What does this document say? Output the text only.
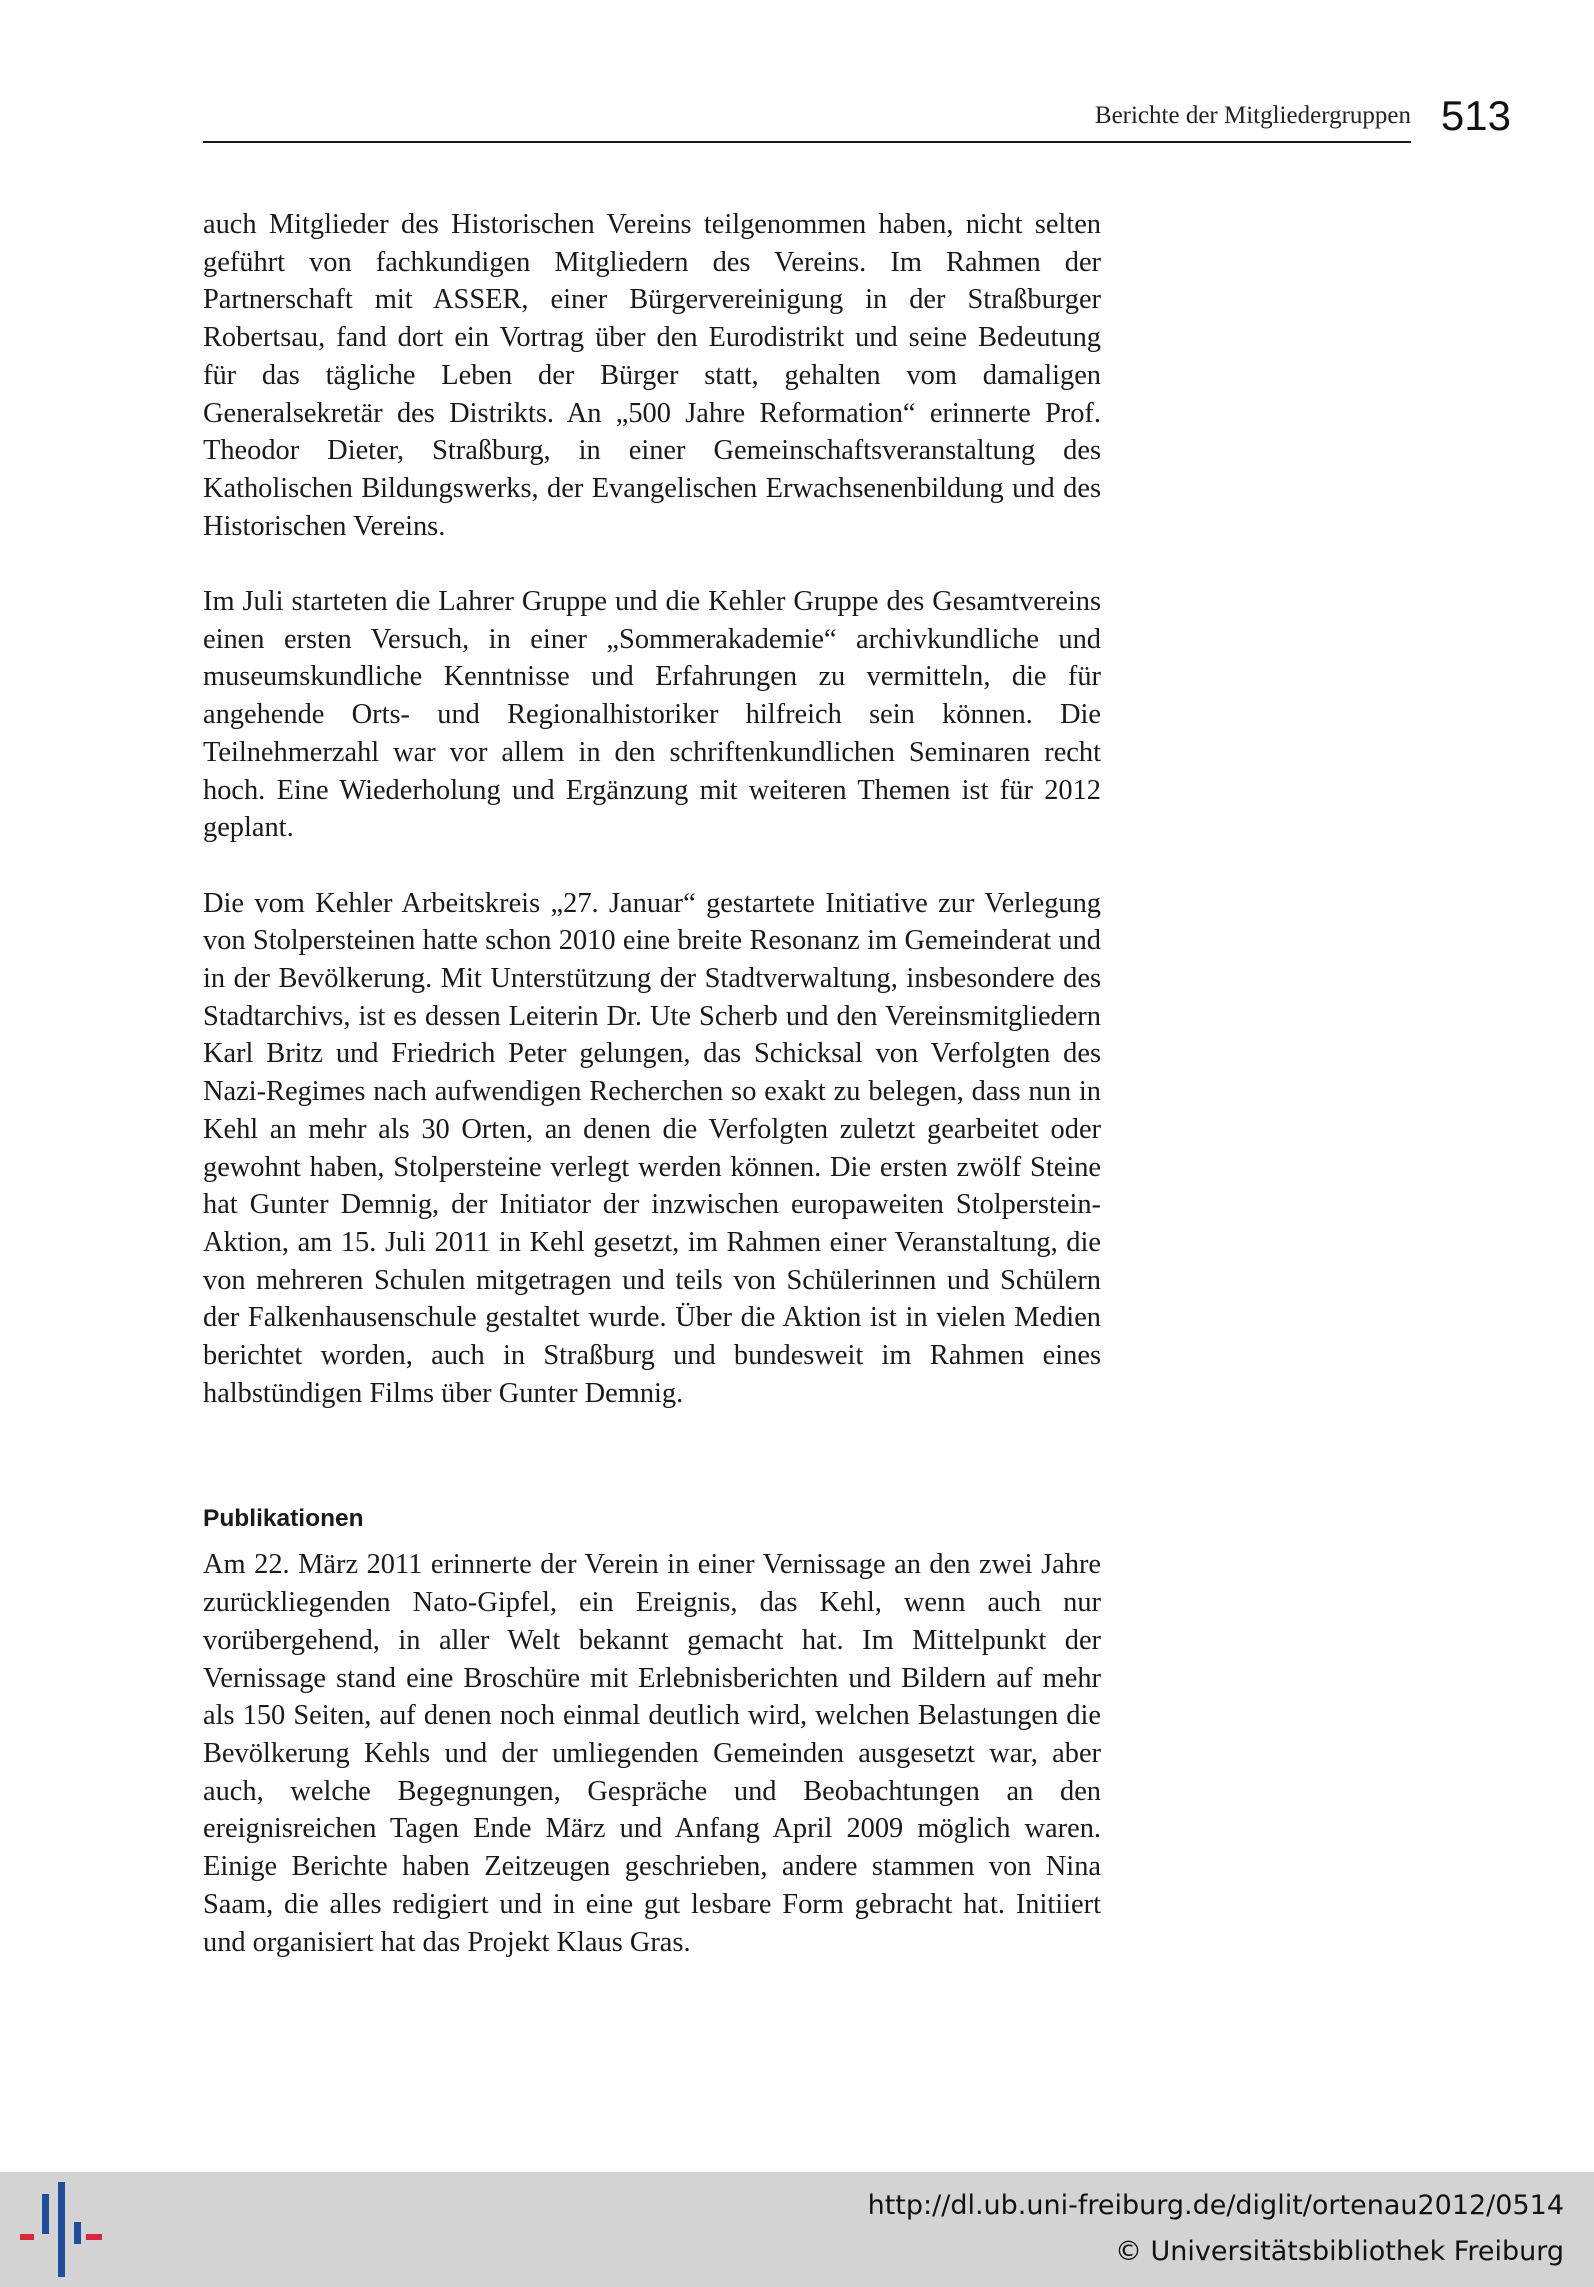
Berichte der Mitgliedergruppen 513

auch Mitglieder des Historischen Vereins teilgenommen haben, nicht selten geführt von fachkundigen Mitgliedern des Vereins. Im Rahmen der Partnerschaft mit ASSER, einer Bürgervereinigung in der Straßburger Robertsau, fand dort ein Vortrag über den Eurodistrikt und seine Bedeutung für das tägliche Leben der Bürger statt, gehalten vom damaligen Generalsekretär des Distrikts. An „500 Jahre Reformation“ erinnerte Prof. Theodor Dieter, Straßburg, in einer Gemeinschaftsveranstaltung des Katholischen Bildungswerks, der Evangelischen Erwachsenenbildung und des Historischen Vereins.

Im Juli starteten die Lahrer Gruppe und die Kehler Gruppe des Gesamtvereins einen ersten Versuch, in einer „Sommerakademie“ archivkundliche und museumskundliche Kenntnisse und Erfahrungen zu vermitteln, die für angehende Orts- und Regionalhistoriker hilfreich sein können. Die Teilnehmerzahl war vor allem in den schriftenkundlichen Seminaren recht hoch. Eine Wiederholung und Ergänzung mit weiteren Themen ist für 2012 geplant.

Die vom Kehler Arbeitskreis „27. Januar“ gestartete Initiative zur Verlegung von Stolpersteinen hatte schon 2010 eine breite Resonanz im Gemeinderat und in der Bevölkerung. Mit Unterstützung der Stadtverwaltung, insbesondere des Stadtarchivs, ist es dessen Leiterin Dr. Ute Scherb und den Vereinsmitgliedern Karl Britz und Friedrich Peter gelungen, das Schicksal von Verfolgten des Nazi-Regimes nach aufwendigen Recherchen so exakt zu belegen, dass nun in Kehl an mehr als 30 Orten, an denen die Verfolgten zuletzt gearbeitet oder gewohnt haben, Stolpersteine verlegt werden können. Die ersten zwölf Steine hat Gunter Demnig, der Initiator der inzwischen europaweiten Stolperstein-Aktion, am 15. Juli 2011 in Kehl gesetzt, im Rahmen einer Veranstaltung, die von mehreren Schulen mitgetragen und teils von Schülerinnen und Schülern der Falkenhausenschule gestaltet wurde. Über die Aktion ist in vielen Medien berichtet worden, auch in Straßburg und bundesweit im Rahmen eines halbstündigen Films über Gunter Demnig.

Publikationen

Am 22. März 2011 erinnerte der Verein in einer Vernissage an den zwei Jahre zurückliegenden Nato-Gipfel, ein Ereignis, das Kehl, wenn auch nur vorübergehend, in aller Welt bekannt gemacht hat. Im Mittelpunkt der Vernissage stand eine Broschüre mit Erlebnisberichten und Bildern auf mehr als 150 Seiten, auf denen noch einmal deutlich wird, welchen Belastungen die Bevölkerung Kehls und der umliegenden Gemeinden ausgesetzt war, aber auch, welche Begegnungen, Gespräche und Beobachtungen an den ereignisreichen Tagen Ende März und Anfang April 2009 möglich waren. Einige Berichte haben Zeitzeugen geschrieben, andere stammen von Nina Saam, die alles redigiert und in eine gut lesbare Form gebracht hat. Initiiert und organisiert hat das Projekt Klaus Gras.

http://dl.ub.uni-freiburg.de/diglit/ortenau2012/0514
© Universitätsbibliothek Freiburg
